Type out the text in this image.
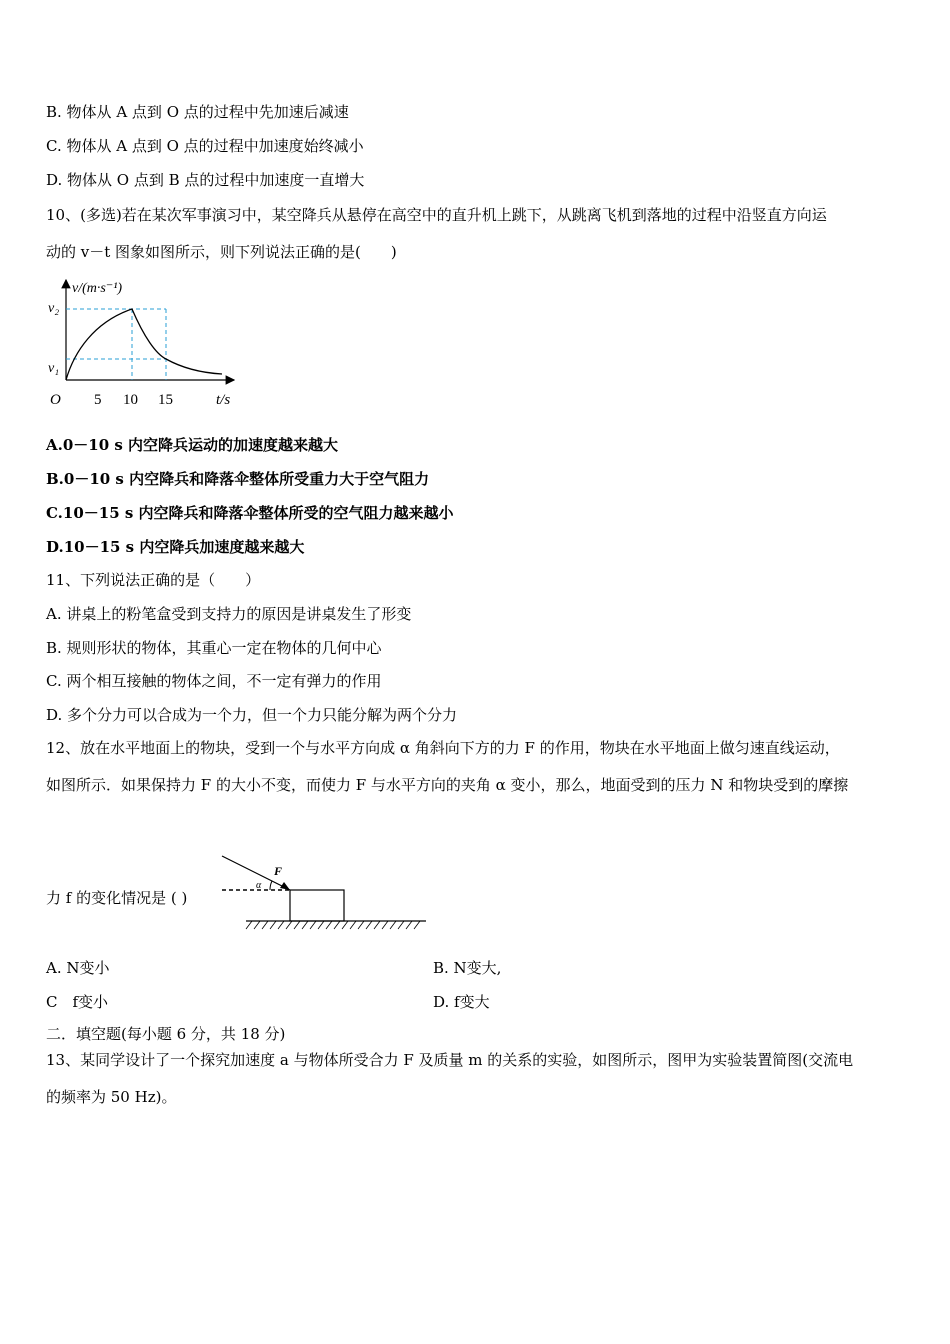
B. 物体从 A 点到 O 点的过程中先加速后减速
C. 物体从 A 点到 O 点的过程中加速度始终减小
D. 物体从 O 点到 B 点的过程中加速度一直增大
10、(多选)若在某次军事演习中，某空降兵从悬停在高空中的直升机上跳下，从跳离飞机到落地的过程中沿竖直方向运
动的 v－t 图象如图所示，则下列说法正确的是(　　)
v/(m·s⁻¹)
v₂
v₁
O 5 10 15	t/s
A.0－10 s 内空降兵运动的加速度越来越大
B.0－10 s 内空降兵和降落伞整体所受重力大于空气阻力
C.10－15 s 内空降兵和降落伞整体所受的空气阻力越来越小
D.10－15 s 内空降兵加速度越来越大
11、下列说法正确的是（　　）
A. 讲桌上的粉笔盒受到支持力的原因是讲桌发生了形变
B. 规则形状的物体，其重心一定在物体的几何中心
C. 两个相互接触的物体之间，不一定有弹力的作用
D. 多个分力可以合成为一个力，但一个力只能分解为两个分力
12、放在水平地面上的物块，受到一个与水平方向成 α 角斜向下方的力 F 的作用，物块在水平地面上做匀速直线运动，
如图所示．如果保持力 F 的大小不变，而使力 F 与水平方向的夹角 α 变小，那么，地面受到的压力 N 和物块受到的摩擦
力 f 的变化情况是 ( )
α
F
A. N变小	B. N变大,
C　f变小	D. f变大
二．填空题(每小题 6 分，共 18 分)
13、某同学设计了一个探究加速度 a 与物体所受合力 F 及质量 m 的关系的实验，如图所示，图甲为实验装置简图(交流电
的频率为 50 Hz)。
